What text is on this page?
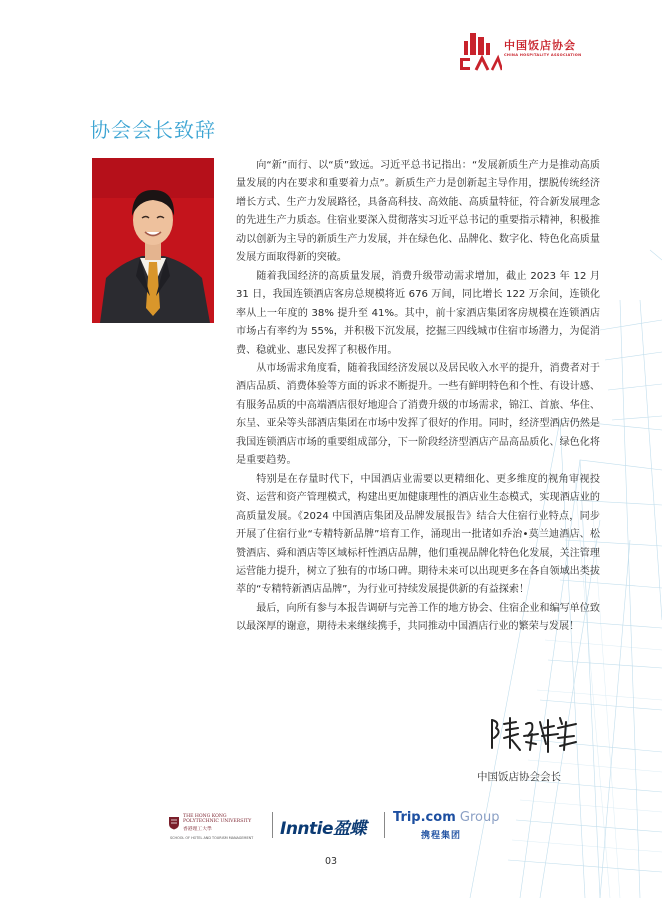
中国饭店协会
CHINA HOSPITALITY ASSOCIATION
协会会长致辞

向“新”而行、以“质”致远。习近平总书记指出：“发展新质生产力是推动高质量发展的内在要求和重要着力点”。新质生产力是创新起主导作用，摆脱传统经济增长方式、生产力发展路径，具备高科技、高效能、高质量特征，符合新发展理念的先进生产力质态。住宿业要深入贯彻落实习近平总书记的重要指示精神，积极推动以创新为主导的新质生产力发展，并在绿色化、品牌化、数字化、特色化高质量发展方面取得新的突破。

随着我国经济的高质量发展，消费升级带动需求增加，截止 2023 年 12 月 31 日，我国连锁酒店客房总规模将近 676 万间，同比增长 122 万余间，连锁化率从上一年度的 38% 提升至 41%。其中，前十家酒店集团客房规模在连锁酒店市场占有率约为 55%，并积极下沉发展，挖掘三四线城市住宿市场潜力，为促消费、稳就业、惠民发挥了积极作用。

从市场需求角度看，随着我国经济发展以及居民收入水平的提升，消费者对于酒店品质、消费体验等方面的诉求不断提升。一些有鲜明特色和个性、有设计感、有服务品质的中高端酒店很好地迎合了消费升级的市场需求，锦江、首旅、华住、东呈、亚朵等头部酒店集团在市场中发挥了很好的作用。同时，经济型酒店仍然是我国连锁酒店市场的重要组成部分，下一阶段经济型酒店产品高品质化、绿色化将是重要趋势。

特别是在存量时代下，中国酒店业需要以更精细化、更多维度的视角审视投资、运营和资产管理模式，构建出更加健康理性的酒店业生态模式，实现酒店业的高质量发展。《2024 中国酒店集团及品牌发展报告》结合大住宿行业特点，同步开展了住宿行业“专精特新品牌”培育工作，涌现出一批诸如乔治•莫兰迪酒店、松赞酒店、舜和酒店等区域标杆性酒店品牌，他们重视品牌化特色化发展，关注管理运营能力提升，树立了独有的市场口碑。期待未来可以出现更多在各自领域出类拔萃的“专精特新酒店品牌”，为行业可持续发展提供新的有益探索！

最后，向所有参与本报告调研与完善工作的地方协会、住宿企业和编写单位致以最深厚的谢意，期待未来继续携手，共同推动中国酒店行业的繁荣与发展！

中国饭店协会会长
THE HONG KONG
POLYTECHNIC UNIVERSITY
香港理工大學
SCHOOL OF HOTEL AND TOURISM MANAGEMENT Inntie盈蝶
Trip.com Group
携程集团
03
